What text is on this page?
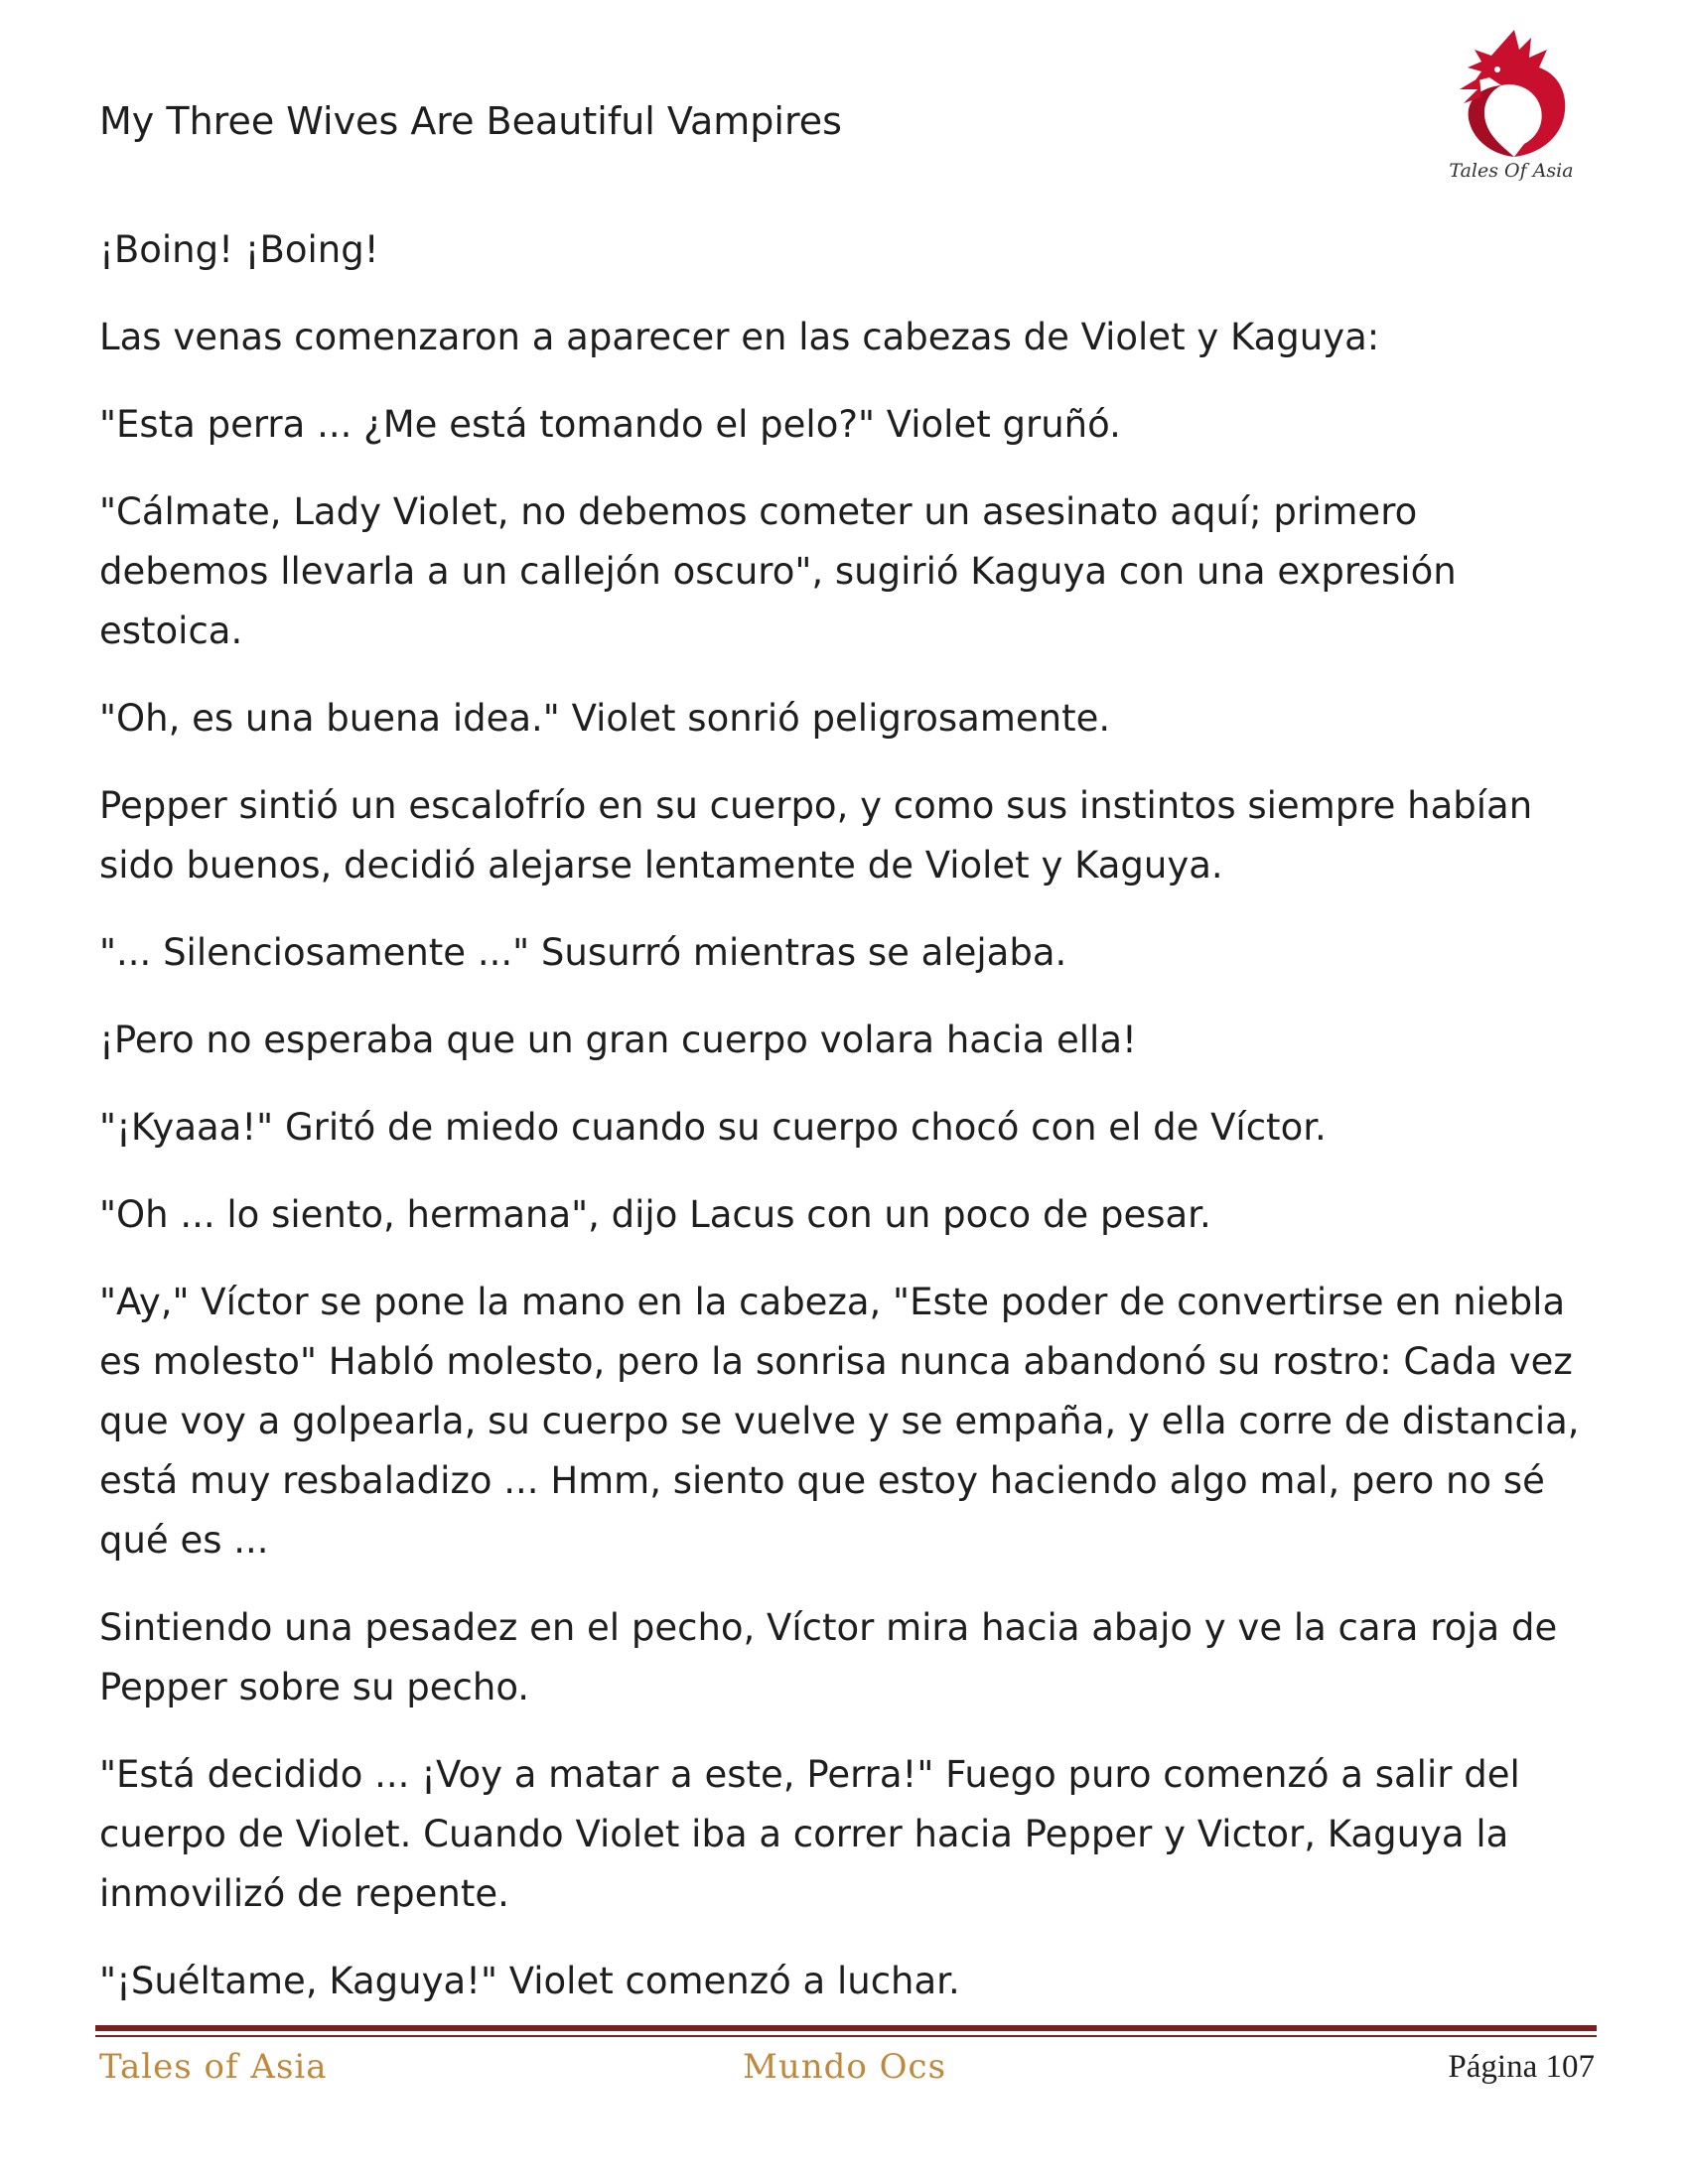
My Three Wives Are Beautiful Vampires
Tales Of Asia

¡Boing! ¡Boing!

Las venas comenzaron a aparecer en las cabezas de Violet y Kaguya:

"Esta perra ... ¿Me está tomando el pelo?" Violet gruñó.

"Cálmate, Lady Violet, no debemos cometer un asesinato aquí; primero debemos llevarla a un callejón oscuro", sugirió Kaguya con una expresión estoica.

"Oh, es una buena idea." Violet sonrió peligrosamente.

Pepper sintió un escalofrío en su cuerpo, y como sus instintos siempre habían sido buenos, decidió alejarse lentamente de Violet y Kaguya.

"... Silenciosamente ..." Susurró mientras se alejaba.

¡Pero no esperaba que un gran cuerpo volara hacia ella!

"¡Kyaaa!" Gritó de miedo cuando su cuerpo chocó con el de Víctor.

"Oh ... lo siento, hermana", dijo Lacus con un poco de pesar.

"Ay," Víctor se pone la mano en la cabeza, "Este poder de convertirse en niebla es molesto" Habló molesto, pero la sonrisa nunca abandonó su rostro: Cada vez que voy a golpearla, su cuerpo se vuelve y se empaña, y ella corre de distancia, está muy resbaladizo ... Hmm, siento que estoy haciendo algo mal, pero no sé qué es ...

Sintiendo una pesadez en el pecho, Víctor mira hacia abajo y ve la cara roja de Pepper sobre su pecho.

"Está decidido ... ¡Voy a matar a este, Perra!" Fuego puro comenzó a salir del cuerpo de Violet. Cuando Violet iba a correr hacia Pepper y Victor, Kaguya la inmovilizó de repente.

"¡Suéltame, Kaguya!" Violet comenzó a luchar.

Tales of Asia	Mundo Ocs	Página 107
